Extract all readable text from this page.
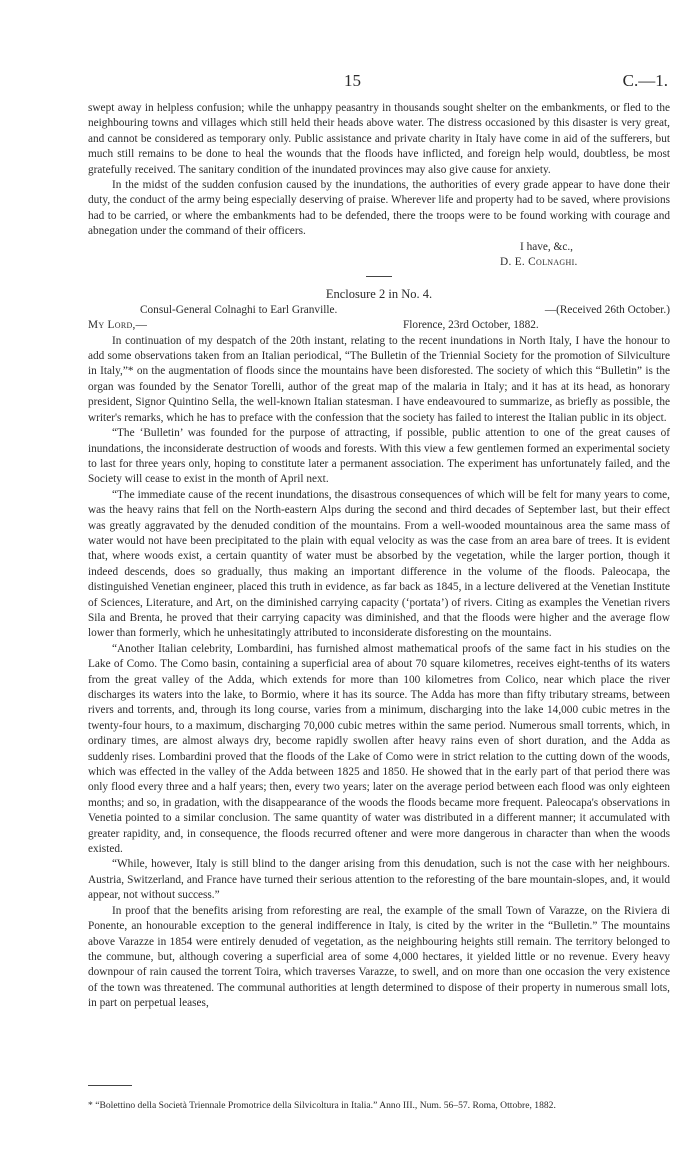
15	C.—1.

swept away in helpless confusion; while the unhappy peasantry in thousands sought shelter on the embankments, or fled to the neighbouring towns and villages which still held their heads above water. The distress occasioned by this disaster is very great, and cannot be considered as temporary only. Public assistance and private charity in Italy have come in aid of the sufferers, but much still remains to be done to heal the wounds that the floods have inflicted, and foreign help would, doubtless, be most gratefully received. The sanitary condition of the inundated provinces may also give cause for anxiety.

In the midst of the sudden confusion caused by the inundations, the authorities of every grade appear to have done their duty, the conduct of the army being especially deserving of praise. Wherever life and property had to be saved, where provisions had to be carried, or where the embankments had to be defended, there the troops were to be found working with courage and abnegation under the command of their officers.

I have, &c.,

D. E. Colnaghi.

Enclosure 2 in No. 4.

Consul-General Colnaghi to Earl Granville.	—(Received 26th October.)

My Lord,—	Florence, 23rd October, 1882.

In continuation of my despatch of the 20th instant, relating to the recent inundations in North Italy, I have the honour to add some observations taken from an Italian periodical, “The Bulletin of the Triennial Society for the promotion of Silviculture in Italy,”* on the augmentation of floods since the mountains have been disforested. The society of which this “Bulletin” is the organ was founded by the Senator Torelli, author of the great map of the malaria in Italy; and it has at its head, as honorary president, Signor Quintino Sella, the well-known Italian statesman. I have endeavoured to summarize, as briefly as possible, the writer's remarks, which he has to preface with the confession that the society has failed to interest the Italian public in its object.

“The ‘Bulletin’ was founded for the purpose of attracting, if possible, public attention to one of the great causes of inundations, the inconsiderate destruction of woods and forests. With this view a few gentlemen formed an experimental society to last for three years only, hoping to constitute later a permanent association. The experiment has unfortunately failed, and the Society will cease to exist in the month of April next.

“The immediate cause of the recent inundations, the disastrous consequences of which will be felt for many years to come, was the heavy rains that fell on the North-eastern Alps during the second and third decades of September last, but their effect was greatly aggravated by the denuded condition of the mountains. From a well-wooded mountainous area the same mass of water would not have been precipitated to the plain with equal velocity as was the case from an area bare of trees. It is evident that, where woods exist, a certain quantity of water must be absorbed by the vegetation, while the larger portion, though it indeed descends, does so gradually, thus making an important difference in the volume of the floods. Paleocapa, the distinguished Venetian engineer, placed this truth in evidence, as far back as 1845, in a lecture delivered at the Venetian Institute of Sciences, Literature, and Art, on the diminished carrying capacity (‘portata’) of rivers. Citing as examples the Venetian rivers Sila and Brenta, he proved that their carrying capacity was diminished, and that the floods were higher and the average flow lower than formerly, which he unhesitatingly attributed to inconsiderate disforesting on the mountains.

“Another Italian celebrity, Lombardini, has furnished almost mathematical proofs of the same fact in his studies on the Lake of Como. The Como basin, containing a superficial area of about 70 square kilometres, receives eight-tenths of its waters from the great valley of the Adda, which extends for more than 100 kilometres from Colico, near which place the river discharges its waters into the lake, to Bormio, where it has its source. The Adda has more than fifty tributary streams, between rivers and torrents, and, through its long course, varies from a minimum, discharging into the lake 14,000 cubic metres in the twenty-four hours, to a maximum, discharging 70,000 cubic metres within the same period. Numerous small torrents, which, in ordinary times, are almost always dry, become rapidly swollen after heavy rains even of short duration, and the Adda as suddenly rises. Lombardini proved that the floods of the Lake of Como were in strict relation to the cutting down of the woods, which was effected in the valley of the Adda between 1825 and 1850. He showed that in the early part of that period there was only flood every three and a half years; then, every two years; later on the average period between each flood was only eighteen months; and so, in gradation, with the disappearance of the woods the floods became more frequent. Paleocapa's observations in Venetia pointed to a similar conclusion. The same quantity of water was distributed in a different manner; it accumulated with greater rapidity, and, in consequence, the floods recurred oftener and were more dangerous in character than when the woods existed.

“While, however, Italy is still blind to the danger arising from this denudation, such is not the case with her neighbours. Austria, Switzerland, and France have turned their serious attention to the reforesting of the bare mountain-slopes, and, it would appear, not without success.”

In proof that the benefits arising from reforesting are real, the example of the small Town of Varazze, on the Riviera di Ponente, an honourable exception to the general indifference in Italy, is cited by the writer in the “Bulletin.” The mountains above Varazze in 1854 were entirely denuded of vegetation, as the neighbouring heights still remain. The territory belonged to the commune, but, although covering a superficial area of some 4,000 hectares, it yielded little or no revenue. Every heavy downpour of rain caused the torrent Toira, which traverses Varazze, to swell, and on more than one occasion the very existence of the town was threatened. The communal authorities at length determined to dispose of their property in numerous small lots, in part on perpetual leases,

* “Bolettino della Società Triennale Promotrice della Silvicoltura in Italia.” Anno III., Num. 56–57. Roma, Ottobre, 1882.
